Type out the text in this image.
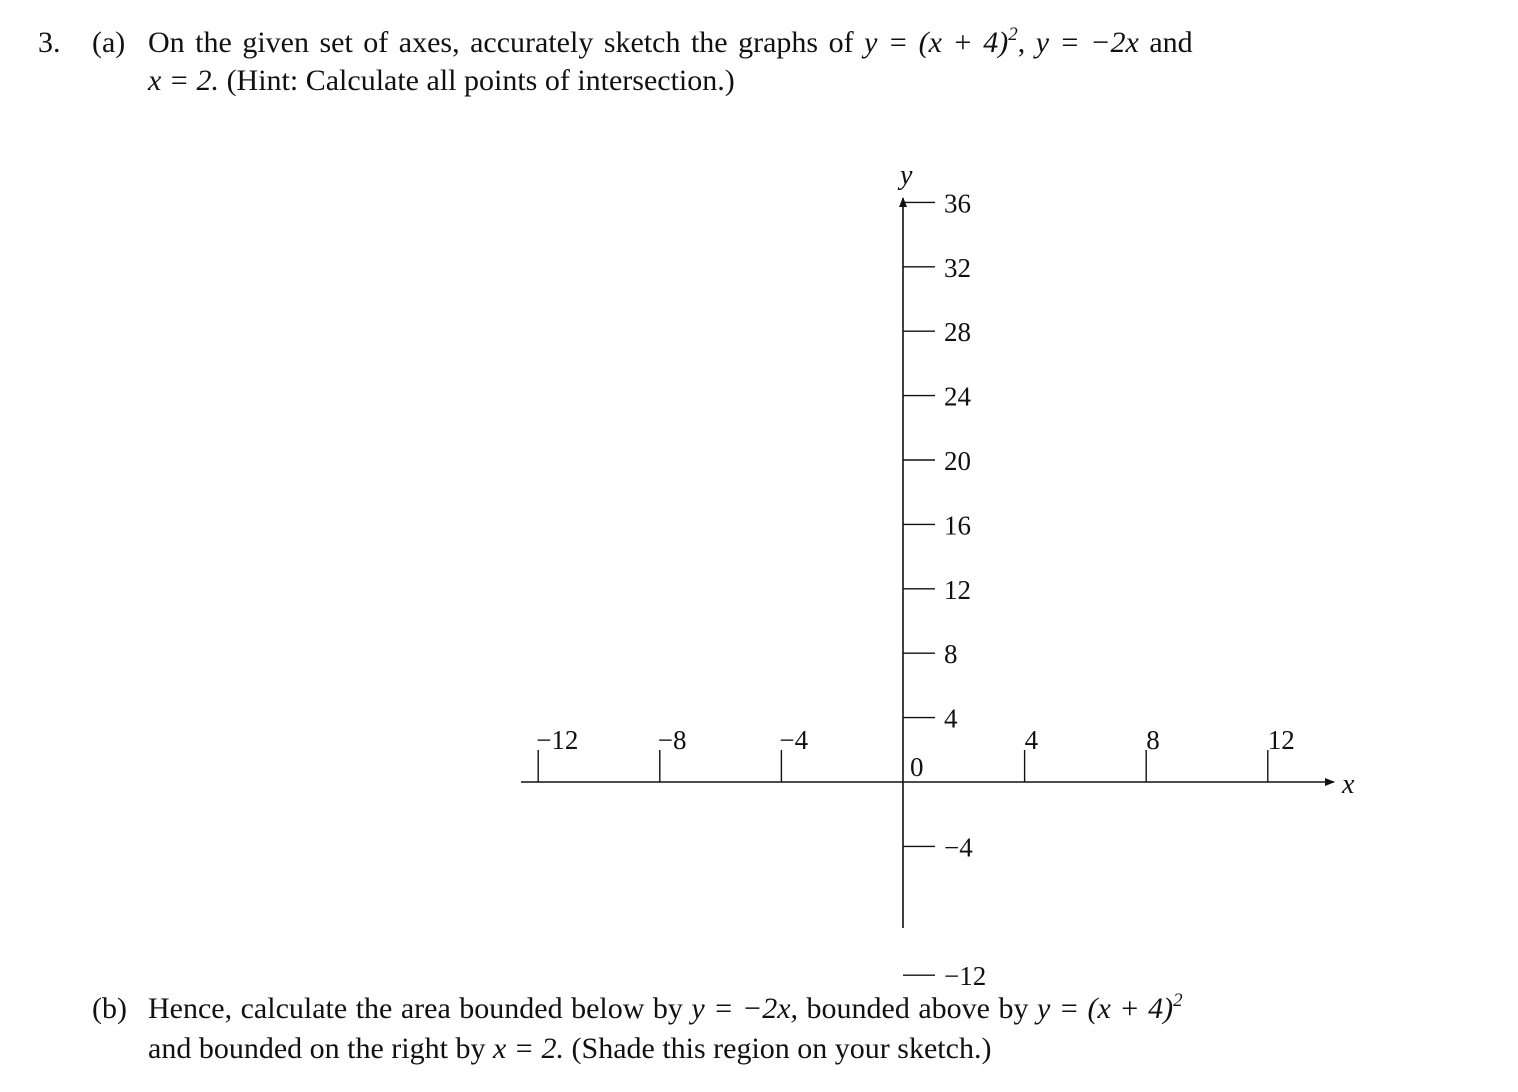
3. (a) On the given set of axes, accurately sketch the graphs of $y = (x + 4)^2$, y = −2x and
x = 2. (Hint: Calculate all points of intersection.)
−12	−8	−4	4	8	12
36
32
28
24
20
16
12
8
4
−4
−12
0
x
y
(b) Hence, calculate the area bounded below by y = −2x, bounded above by $y = (x + 4)^2$
and bounded on the right by x = 2. (Shade this region on your sketch.)
